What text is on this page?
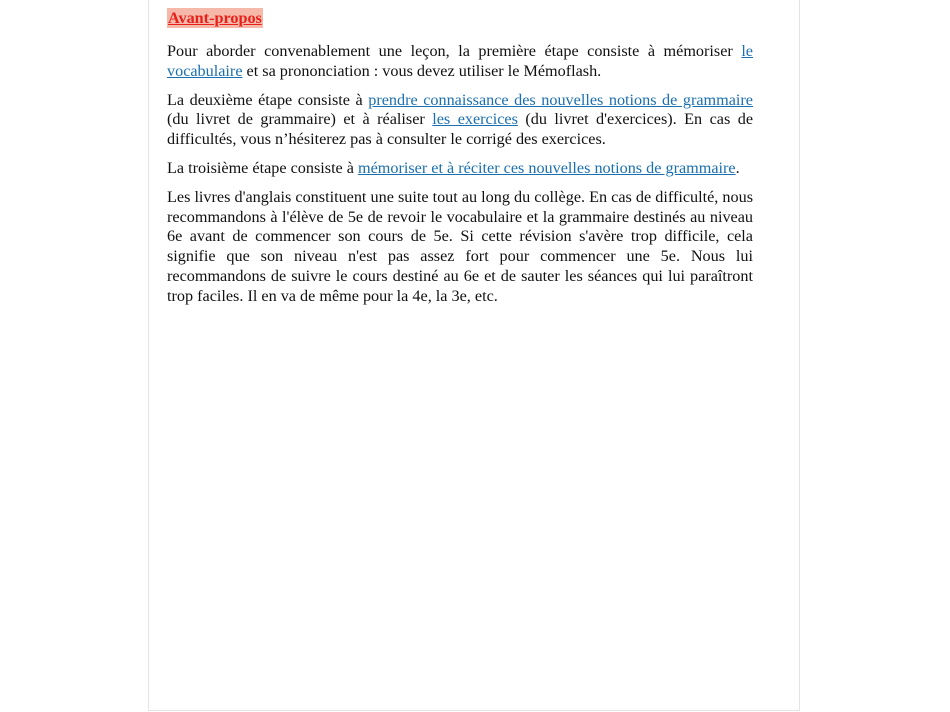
Avant-propos

Pour aborder convenablement une leçon, la première étape consiste à mémoriser le vocabulaire et sa prononciation : vous devez utiliser le Mémoflash.

La deuxième étape consiste à prendre connaissance des nouvelles notions de grammaire (du livret de grammaire) et à réaliser les exercices (du livret d'exercices). En cas de difficultés, vous n’hésiterez pas à consulter le corrigé des exercices.

La troisième étape consiste à mémoriser et à réciter ces nouvelles notions de grammaire.

Les livres d'anglais constituent une suite tout au long du collège. En cas de difficulté, nous recommandons à l'élève de 5e de revoir le vocabulaire et la grammaire destinés au niveau 6e avant de commencer son cours de 5e. Si cette révision s'avère trop difficile, cela signifie que son niveau n'est pas assez fort pour commencer une 5e. Nous lui recommandons de suivre le cours destiné au 6e et de sauter les séances qui lui paraîtront trop faciles. Il en va de même pour la 4e, la 3e, etc.
